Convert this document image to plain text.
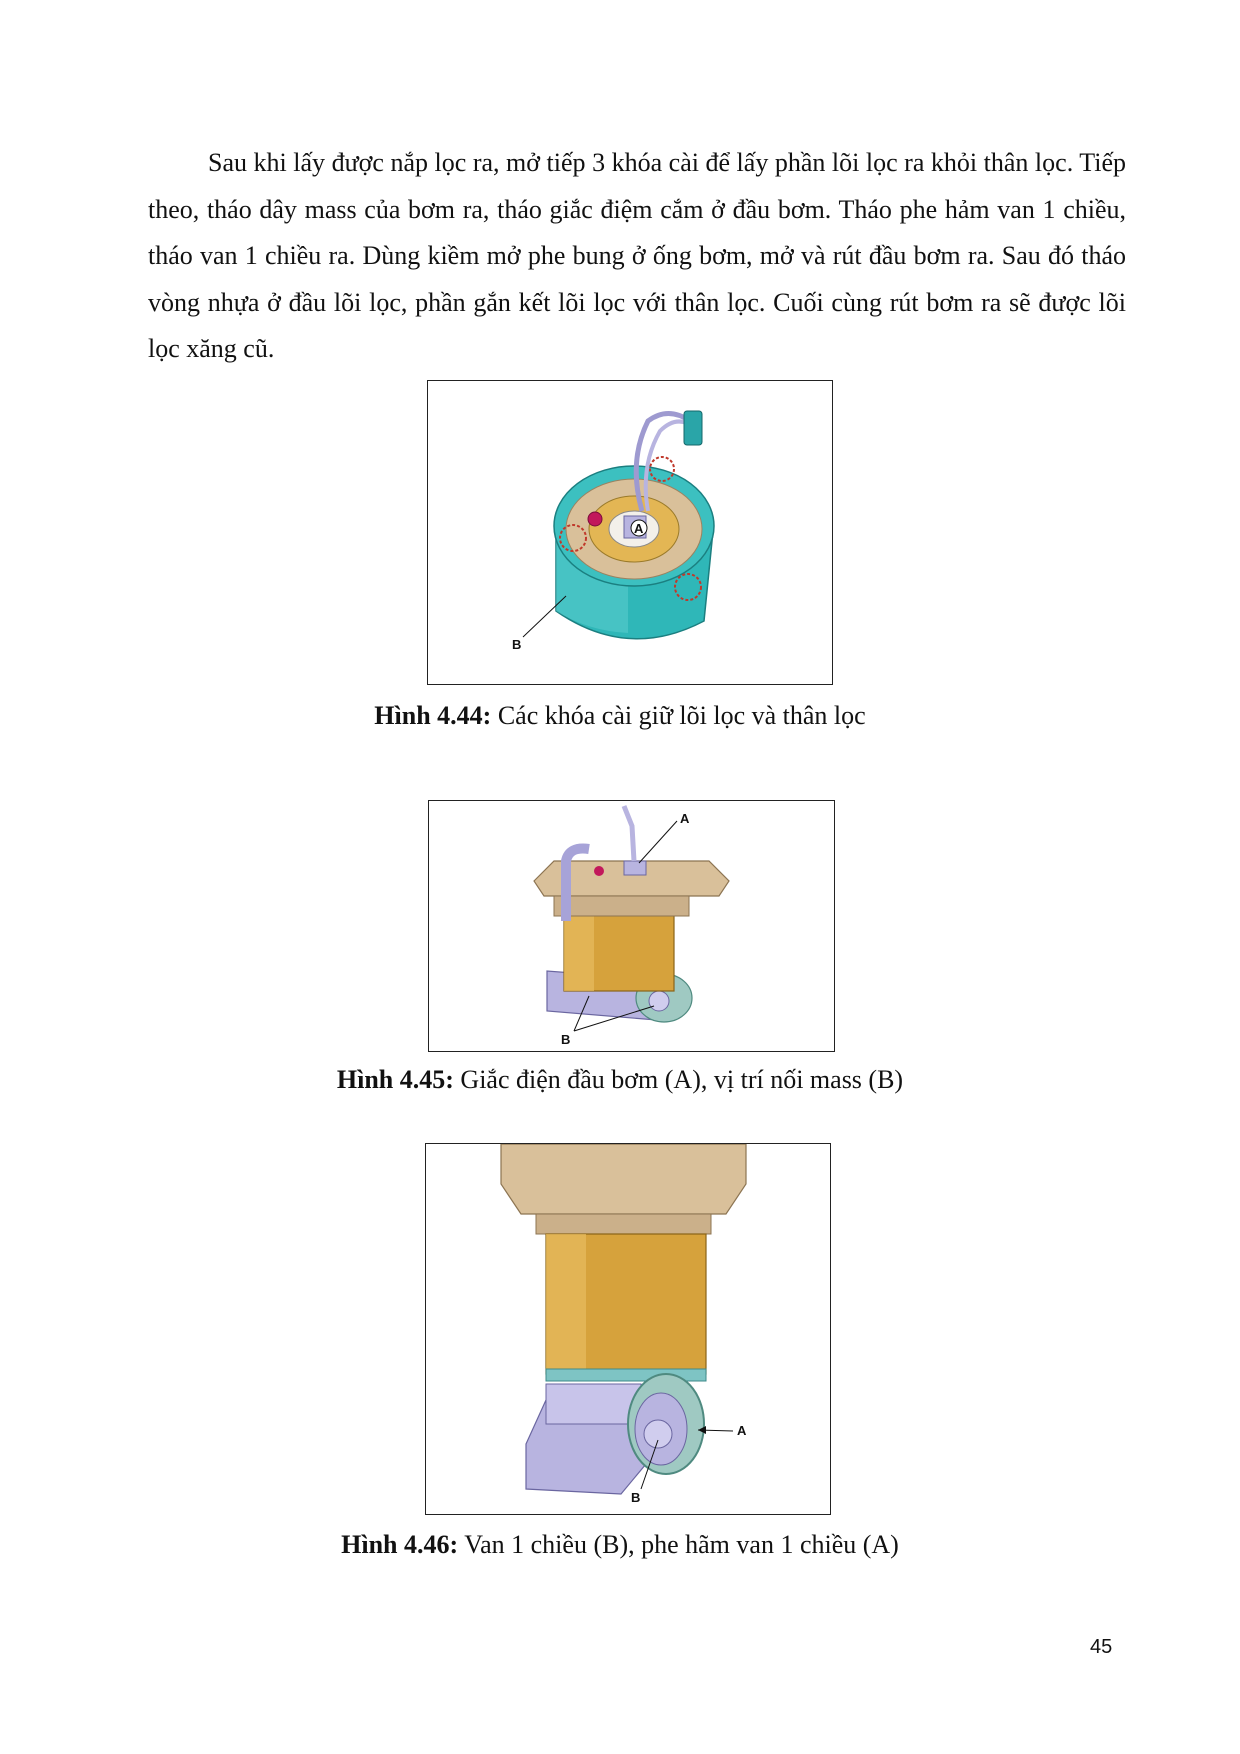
Sau khi lấy được nắp lọc ra, mở tiếp 3 khóa cài để lấy phần lõi lọc ra khỏi thân lọc. Tiếp theo, tháo dây mass của bơm ra, tháo giắc điệm cắm ở đầu bơm. Tháo phe hảm van 1 chiều, tháo van 1 chiều ra. Dùng kiềm mở phe bung ở ống bơm, mở và rút đầu bơm ra. Sau đó tháo vòng nhựa ở đầu lõi lọc, phần gắn kết lõi lọc với thân lọc. Cuối cùng rút bơm ra sẽ được lõi lọc xăng cũ.

A
B
Hình 4.44: Các khóa cài giữ lõi lọc và thân lọc
A
B
Hình 4.45: Giắc điện đầu bơm (A), vị trí nối mass (B)
A
B
Hình 4.46: Van 1 chiều (B), phe hãm van 1 chiều (A)
45
